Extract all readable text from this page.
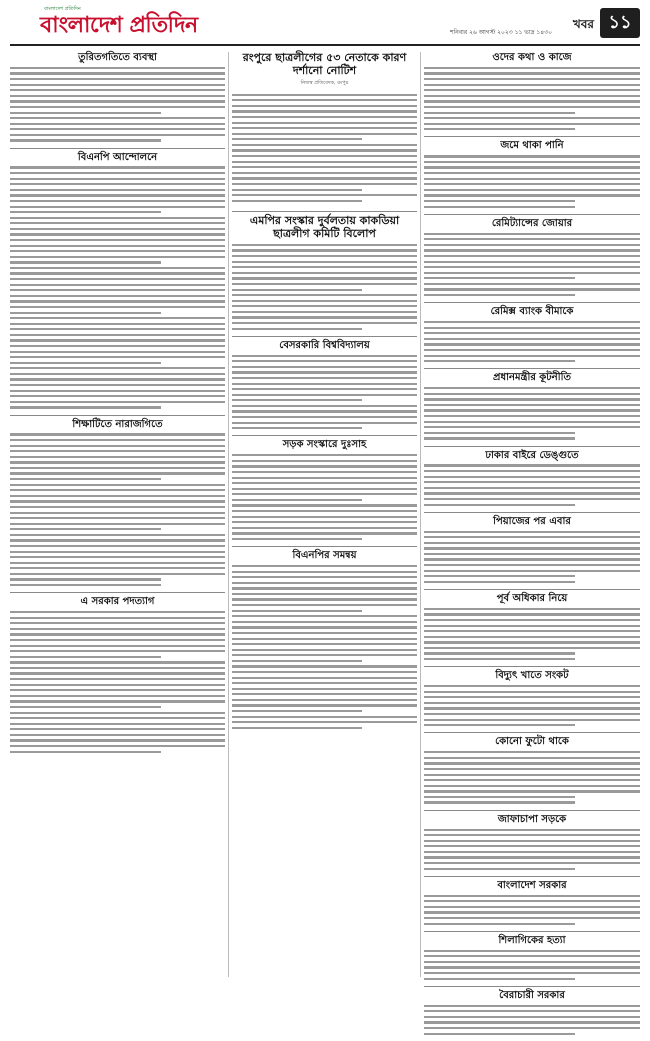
বাংলাদেশ প্রতিদিন
বাংলাদেশ প্রতিদিন	শনিবার ২৬ আগস্ট ২০২৩ ১১ ভাদ্র ১৪৩০
খবর ১১
তুরিতগতিতে ব্যবস্থা
বিএনপি আন্দোলনে
শিক্ষাটিতে নারাজগিতে
এ সরকার পদত্যাগ
রংপুরে ছাত্রলীগের ৫৩ নেতাকে কারণ দর্শানো নোটিশ
নিজস্ব প্রতিবেদক, রংপুর
এমপির সংস্কার দুর্বলতায় কাকডিয়া ছাত্রলীগ কমিটি বিলোপ
বেসরকারি বিশ্ববিদ্যালয়
সড়ক সংস্কারে দুঃসাহ
বিএনপির সমন্বয়
ওদের কথা ও কাজে
জমে থাকা পানি
রেমিট্যান্সের জোয়ার
রেমিক্স ব্যাংক বীমাকে
প্রধানমন্ত্রীর কূটনীতি
ঢাকার বাইরে ডেঙ্গুতে
পিয়াজের পর এবার
পূর্ব অধিকার নিয়ে
বিদ্যুৎ খাতে সংকট
কোনো ফুটো থাকে
জাফাচাপা সড়কে
বাংলাদেশ সরকার
শিলাগিকের হত্যা
বৈরাচারী সরকার
